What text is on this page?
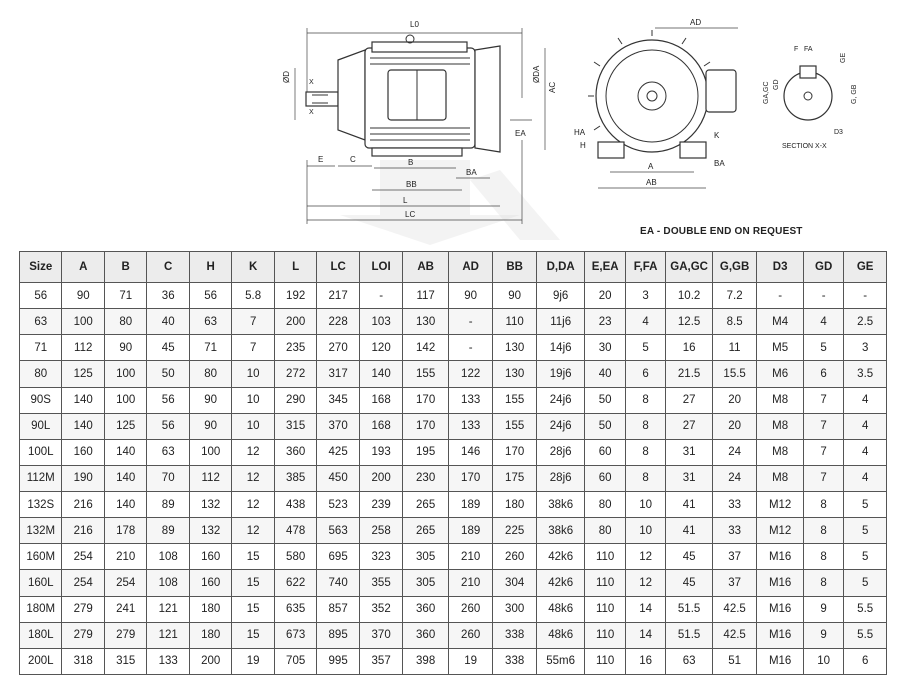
L0
ØD	X
X
ØDA
AC
EA	HA
H
E	C	B
BA
BB
L
LC
AD
K
A
AB
BA
F FA
GE
GD
GA,GC	G, GB
D3
SECTION X-X
EA - DOUBLE END ON REQUEST
Size	A	B	C	H	K	L	LC	LOI	AB	AD	BB	D,DA	E,EA	F,FA	GA,GC	G,GB	D3	GD	GE
56	90	71	36	56	5.8	192	217	-	117	90	90	9j6	20	3	10.2	7.2	-	-	-
63	100	80	40	63	7	200	228	103	130	-	110	11j6	23	4	12.5	8.5	M4	4	2.5
71	112	90	45	71	7	235	270	120	142	-	130	14j6	30	5	16	11	M5	5	3
80	125	100	50	80	10	272	317	140	155	122	130	19j6	40	6	21.5	15.5	M6	6	3.5
90S	140	100	56	90	10	290	345	168	170	133	155	24j6	50	8	27	20	M8	7	4
90L	140	125	56	90	10	315	370	168	170	133	155	24j6	50	8	27	20	M8	7	4
100L	160	140	63	100	12	360	425	193	195	146	170	28j6	60	8	31	24	M8	7	4
112M	190	140	70	112	12	385	450	200	230	170	175	28j6	60	8	31	24	M8	7	4
132S	216	140	89	132	12	438	523	239	265	189	180	38k6	80	10	41	33	M12	8	5
132M	216	178	89	132	12	478	563	258	265	189	225	38k6	80	10	41	33	M12	8	5
160M	254	210	108	160	15	580	695	323	305	210	260	42k6	110	12	45	37	M16	8	5
160L	254	254	108	160	15	622	740	355	305	210	304	42k6	110	12	45	37	M16	8	5
180M	279	241	121	180	15	635	857	352	360	260	300	48k6	110	14	51.5	42.5	M16	9	5.5
180L	279	279	121	180	15	673	895	370	360	260	338	48k6	110	14	51.5	42.5	M16	9	5.5
200L	318	315	133	200	19	705	995	357	398	19	338	55m6	110	16	63	51	M16	10	6
